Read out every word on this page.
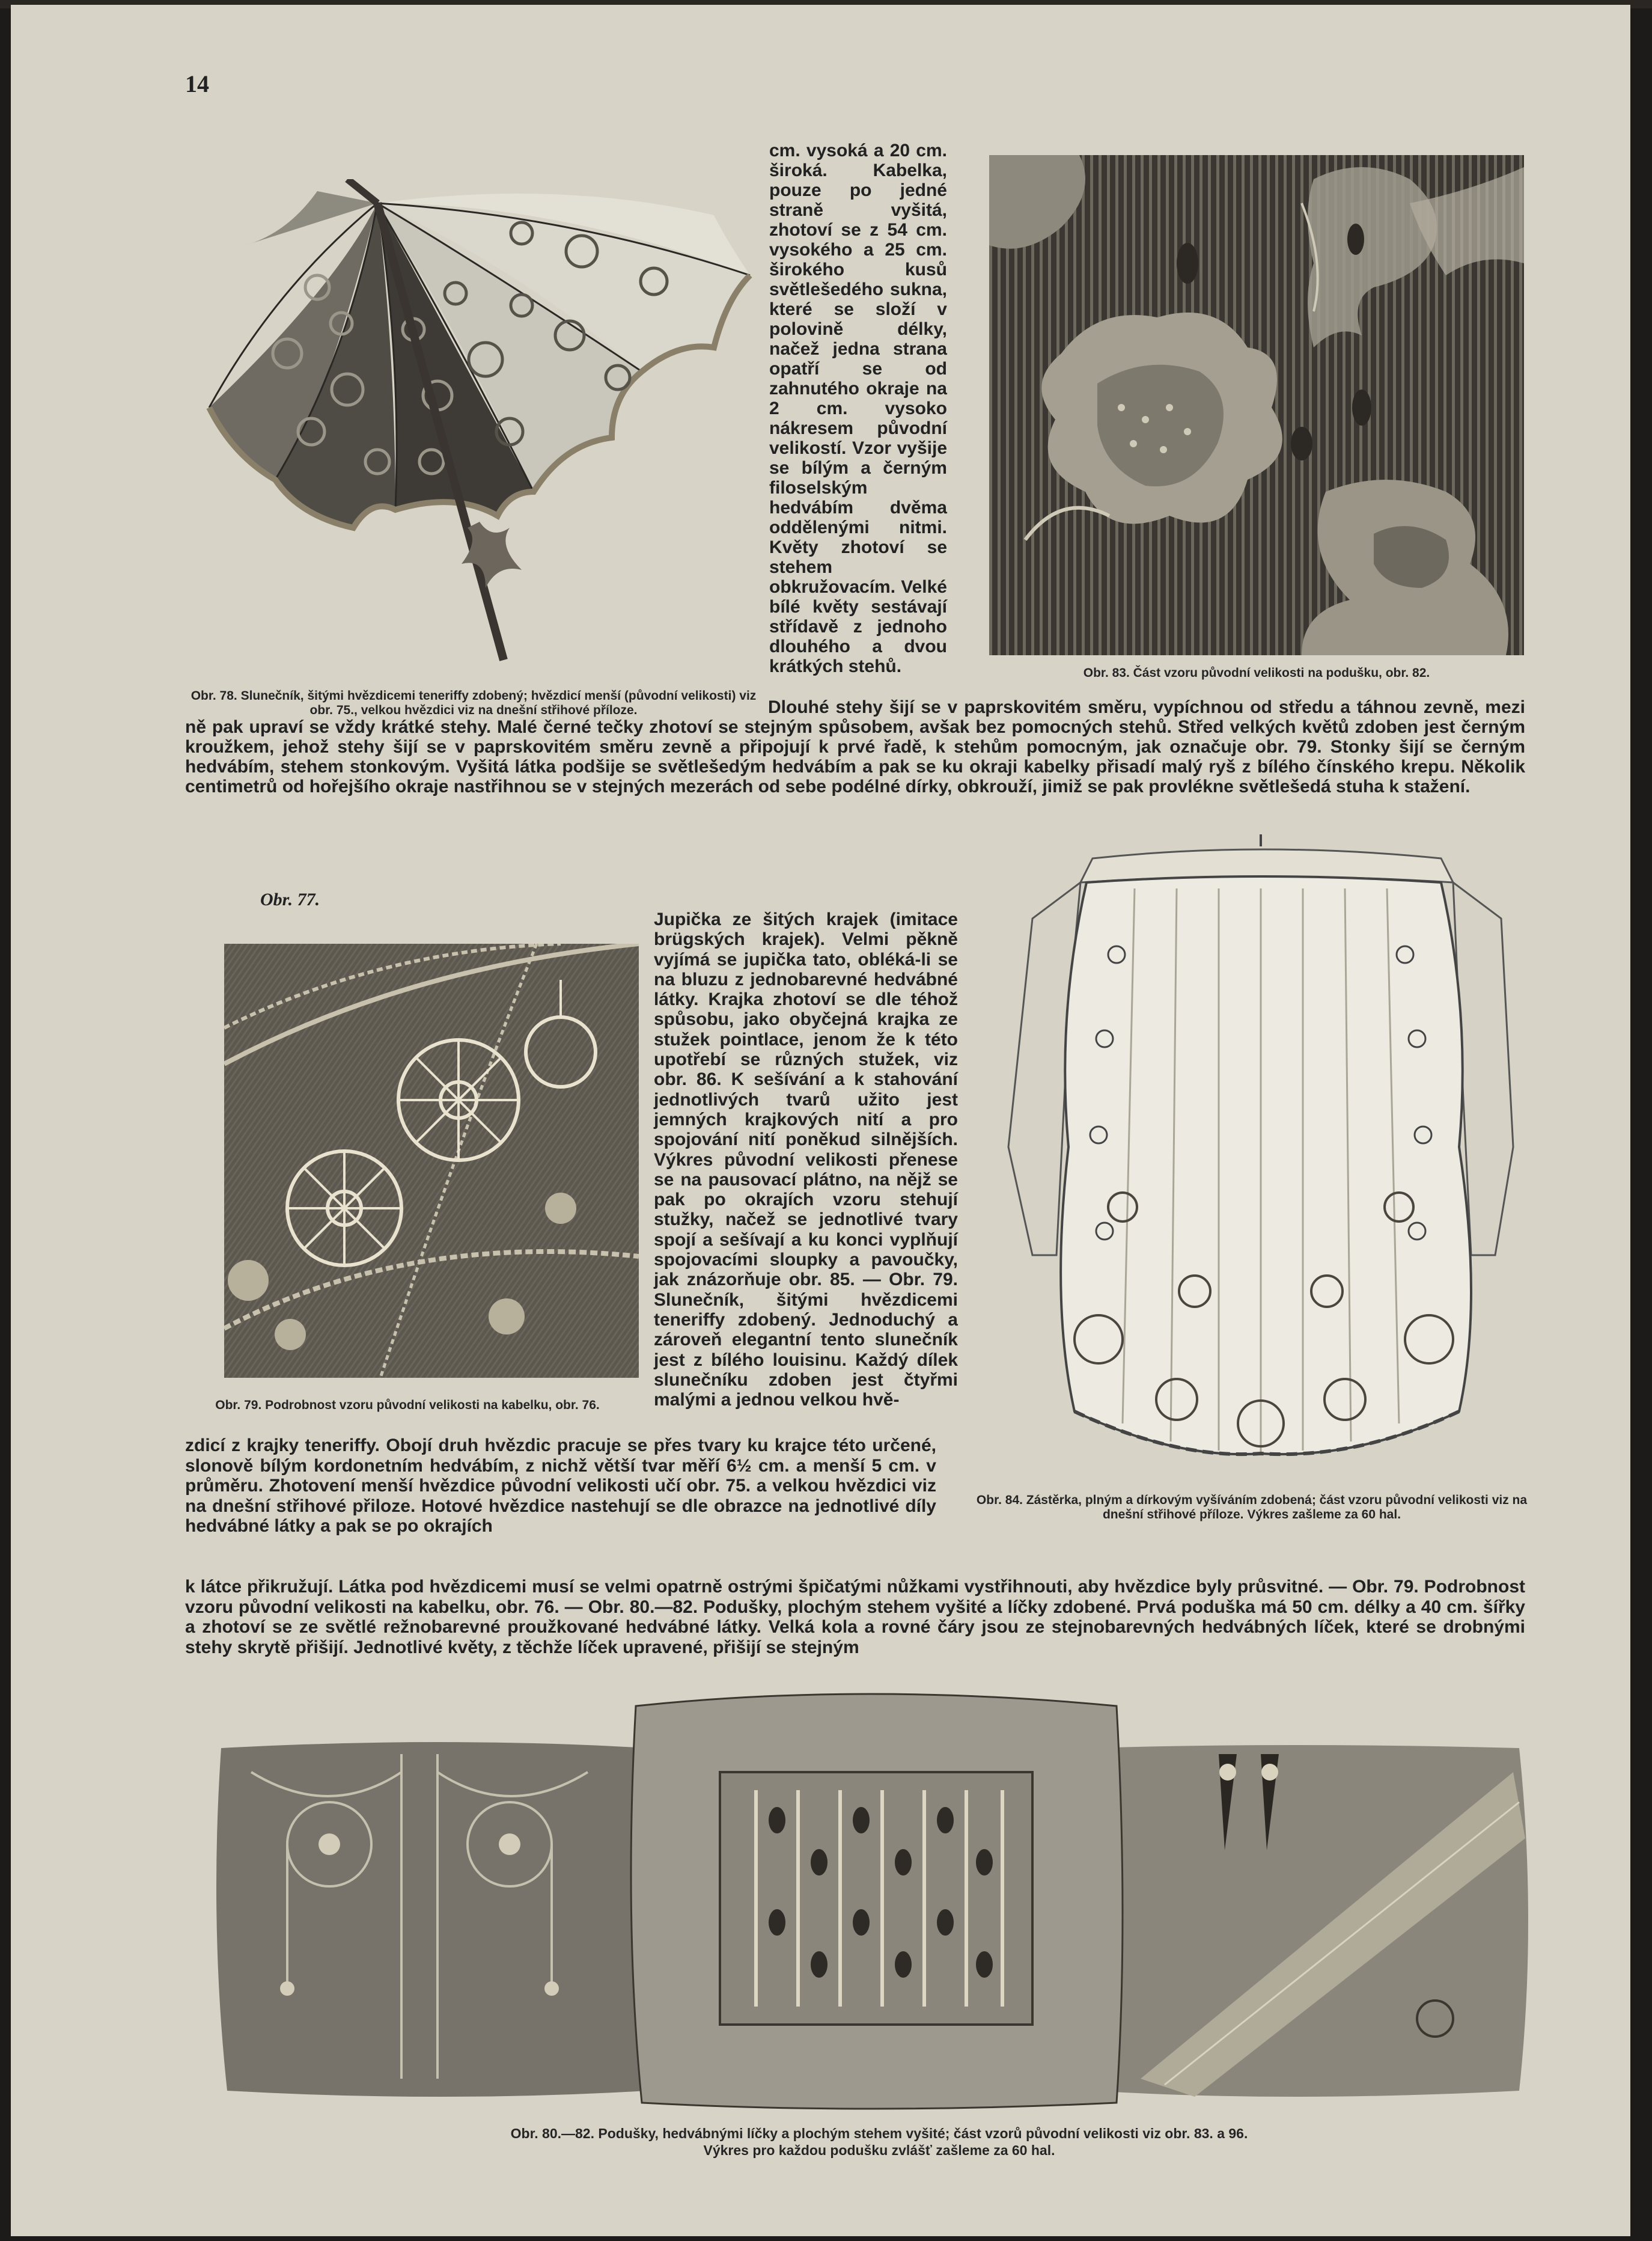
14
Obr. 78. Slunečník, šitými hvězdicemi teneriffy zdobený; hvězdicí menší (původní velikosti) viz obr. 75., velkou hvězdici viz na dnešní střihové příloze.
cm. vysoká a 20 cm. široká. Kabelka, pouze po jedné straně vyšitá, zhotoví se z 54 cm. vysokého a 25 cm. širokého kusů světlešedého sukna, které se složí v polovině délky, načež jedna strana opatří se od zahnutého okraje na 2 cm. vysoko nákresem původní velikostí. Vzor vyšije se bílým a černým filoselským hedvábím dvěma oddělenými nitmi. Květy zhotoví se stehem obkružovacím. Velké bílé květy sestávají střídavě z jednoho dlouhého a dvou krátkých stehů.	Obr. 83. Část vzoru původní velikosti na podušku, obr. 82.
Dlouhé stehy šijí se v paprskovitém směru, vypíchnou od středu a táhnou zevně, mezi ně pak upraví se vždy krátké stehy. Malé černé tečky zhotoví se stejným spůsobem, avšak bez pomocných stehů. Střed velkých květů zdoben jest černým kroužkem, jehož stehy šijí se v paprskovitém směru zevně a připojují k prvé řadě, k stehům pomocným, jak označuje obr. 79. Stonky šijí se černým hedvábím, stehem stonkovým. Vyšitá látka podšije se světlešedým hedvábím a pak se ku okraji kabelky přisadí malý ryš z bílého čínského krepu. Několik centimetrů od hořejšího okraje nastřihnou se v stejných mezerách od sebe podélné dírky, obkrouží, jimiž se pak provlékne světlešedá stuha k stažení.
Obr. 77.
Jupička ze šitých krajek (imitace brügských krajek). Velmi pěkně vyjímá se jupička tato, obléká-li se na bluzu z jednobarevné hedvábné látky. Krajka zhotoví se dle téhož spůsobu, jako obyčejná krajka ze stužek pointlace, jenom že k této upotřebí se různých stužek, viz obr. 86. K sešívání a k stahování jednotlivých tvarů užito jest jemných krajkových nití a pro spojování nití poněkud silnějších. Výkres původní velikosti přenese se na pausovací plátno, na nějž se pak po okrajích vzoru stehují stužky, načež se jednotlivé tvary spojí a sešívají a ku konci vyplňují spojovacími sloupky a pavoučky, jak znázorňuje obr. 85. — Obr. 79. Slunečník, šitými hvězdicemi teneriffy zdobený. Jednoduchý a zároveň elegantní tento slunečník jest z bílého louisinu. Každý dílek slunečníku zdoben jest čtyřmi malými a jednou velkou hvě-
Obr. 79. Podrobnost vzoru původní velikosti na kabelku, obr. 76.
Obr. 84. Zástěrka, plným a dírkovým vyšíváním zdobená; část vzoru původní velikosti viz na dnešní střihové příloze. Výkres zašleme za 60 hal.
zdicí z krajky teneriffy. Obojí druh hvězdic pracuje se přes tvary ku krajce této určené, slonově bílým kordonetním hedvábím, z nichž větší tvar měří 6½ cm. a menší 5 cm. v průměru. Zhotovení menší hvězdice původní velikosti učí obr. 75. a velkou hvězdici viz na dnešní střihové přiloze. Hotové hvězdice nastehují se dle obrazce na jednotlivé díly hedvábné látky a pak se po okrajích
k látce přikružují. Látka pod hvězdicemi musí se velmi opatrně ostrými špičatými nůžkami vystřihnouti, aby hvězdice byly průsvitné. — Obr. 79. Podrobnost vzoru původní velikosti na kabelku, obr. 76. — Obr. 80.—82. Podušky, plochým stehem vyšité a líčky zdobené. Prvá poduška má 50 cm. délky a 40 cm. šířky a zhotoví se ze světlé režnobarevné proužkované hedvábné látky. Velká kola a rovné čáry jsou ze stejnobarevných hedvábných líček, které se drobnými stehy skrytě přišijí. Jednotlivé květy, z těchže líček upravené, přišijí se stejným
Obr. 80.—82. Podušky, hedvábnými líčky a plochým stehem vyšité; část vzorů původní velikosti viz obr. 83. a 96.
Výkres pro každou podušku zvlášť zašleme za 60 hal.
